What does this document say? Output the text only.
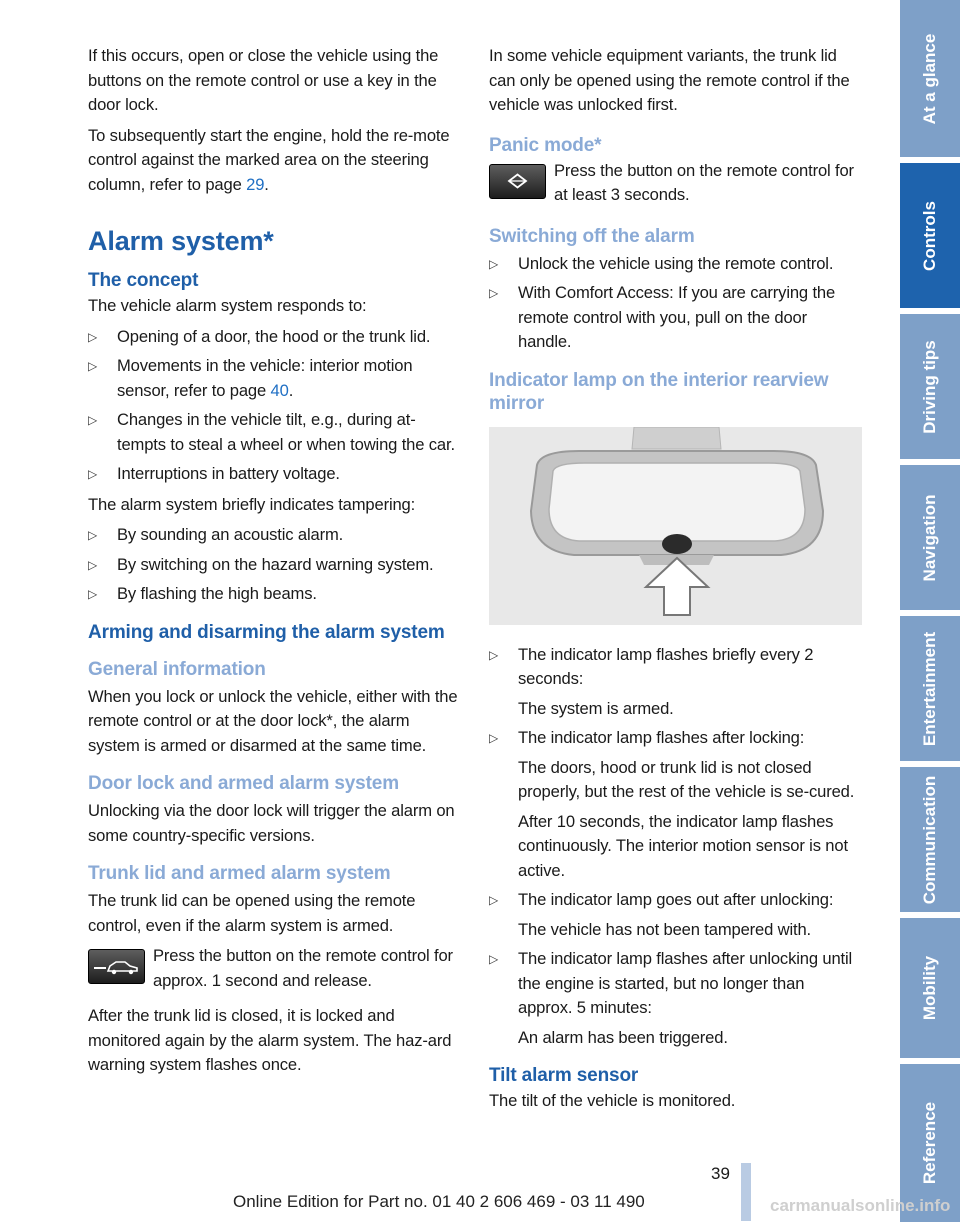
If this occurs, open or close the vehicle using the buttons on the remote control or use a key in the door lock.

To subsequently start the engine, hold the re-mote control against the marked area on the steering column, refer to page 29.

Alarm system*
The concept

The vehicle alarm system responds to:

▷ Opening of a door, the hood or the trunk lid.
▷ Movements in the vehicle: interior motion sensor, refer to page 40.
▷ Changes in the vehicle tilt, e.g., during at-tempts to steal a wheel or when towing the car.
▷ Interruptions in battery voltage.

The alarm system briefly indicates tampering:

▷ By sounding an acoustic alarm.
▷ By switching on the hazard warning system.
▷ By flashing the high beams.
Arming and disarming the alarm system
General information

When you lock or unlock the vehicle, either with the remote control or at the door lock*, the alarm system is armed or disarmed at the same time.

Door lock and armed alarm system

Unlocking via the door lock will trigger the alarm on some country-specific versions.

Trunk lid and armed alarm system

The trunk lid can be opened using the remote control, even if the alarm system is armed.

Press the button on the remote control for approx. 1 second and release.

After the trunk lid is closed, it is locked and monitored again by the alarm system. The haz-ard warning system flashes once.

In some vehicle equipment variants, the trunk lid can only be opened using the remote control if the vehicle was unlocked first.

Panic mode*
Press the button on the remote control for at least 3 seconds.
Switching off the alarm
▷ Unlock the vehicle using the remote control.
▷ With Comfort Access: If you are carrying the remote control with you, pull on the door handle.
Indicator lamp on the interior rearview mirror
▷ The indicator lamp flashes briefly every 2 seconds:
The system is armed.
▷ The indicator lamp flashes after locking:
The doors, hood or trunk lid is not closed properly, but the rest of the vehicle is se-cured.
After 10 seconds, the indicator lamp flashes continuously. The interior motion sensor is not active.
▷ The indicator lamp goes out after unlocking:
The vehicle has not been tampered with.
▷ The indicator lamp flashes after unlocking until the engine is started, but no longer than approx. 5 minutes:
An alarm has been triggered.
Tilt alarm sensor

The tilt of the vehicle is monitored.

At a glance
Controls
Driving tips
Navigation
Entertainment
Communication
Mobility
Reference
39
Online Edition for Part no. 01 40 2 606 469 - 03 11 490	carmanualsonline.info
